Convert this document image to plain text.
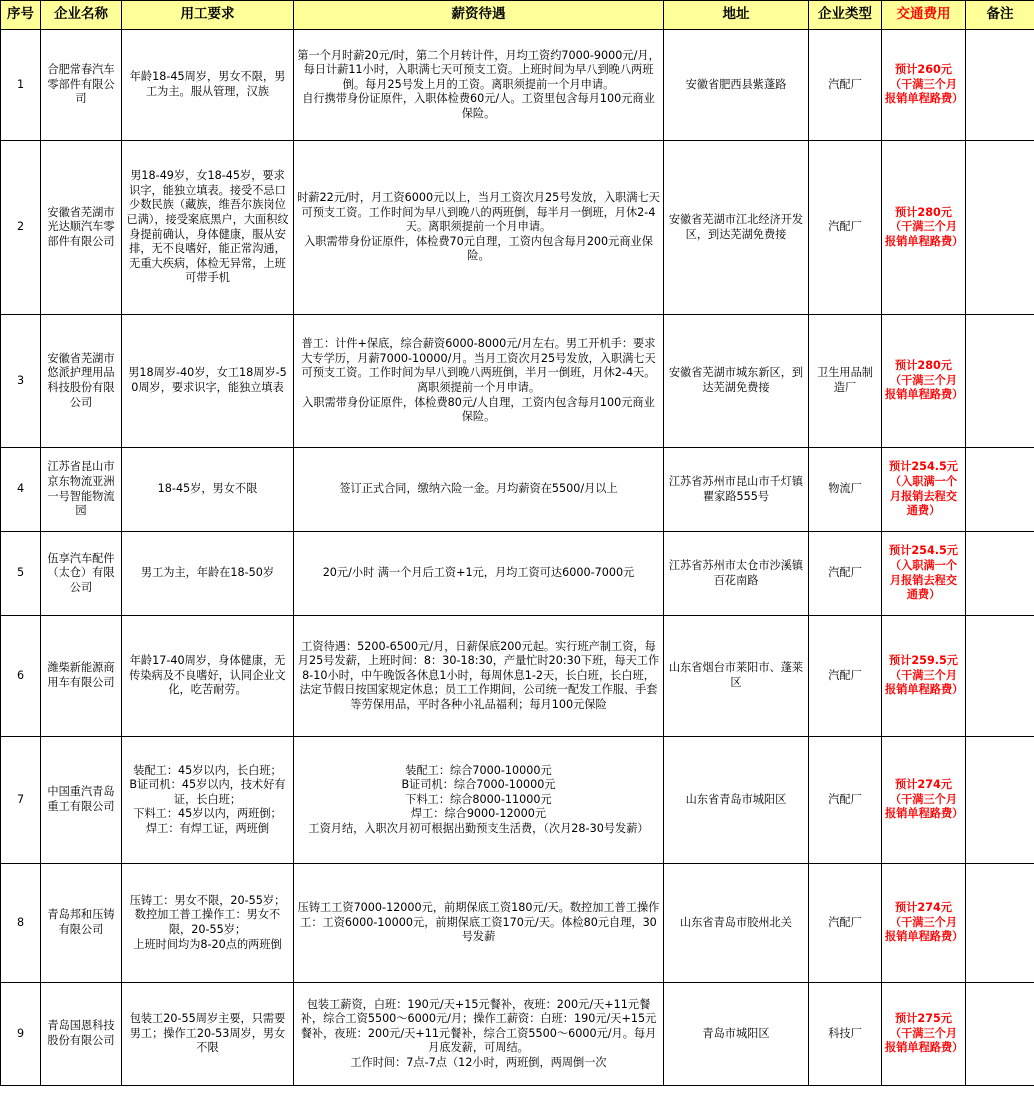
序号	企业名称	用工要求	薪资待遇	地址	企业类型	交通费用	备注
1	合肥常春汽车零部件有限公司	年龄18-45周岁，男女不限，男工为主。服从管理，汉族	第一个月时薪20元/时，第二个月转计件，月均工资约7000-9000元/月，每日计薪11小时，入职满七天可预支工资。上班时间为早八到晚八两班倒。每月25号发上月的工资。离职须提前一个月申请。
自行携带身份证原件，入职体检费60元/人。工资里包含每月100元商业保险。	安徽省肥西县紫蓬路	汽配厂	预计260元（干满三个月报销单程路费）	
2	安徽省芜湖市光达顺汽车零部件有限公司	男18-49岁，女18-45岁，要求识字，能独立填表。接受不忌口少数民族（藏族，维吾尔族岗位已满），接受案底黑户，大面积纹身提前确认，身体健康，服从安排，无不良嗜好，能正常沟通，无重大疾病，体检无异常，上班可带手机	时薪22元/时，月工资6000元以上，当月工资次月25号发放，入职满七天可预支工资。工作时间为早八到晚八的两班倒，每半月一倒班，月休2-4天。离职须提前一个月申请。
入职需带身份证原件，体检费70元自理，工资内包含每月200元商业保险。	安徽省芜湖市江北经济开发区，到达芜湖免费接	汽配厂	预计280元（干满三个月报销单程路费）	
3	安徽省芜湖市悠派护理用品科技股份有限公司	男18周岁-40岁，女工18周岁-50周岁，要求识字，能独立填表	普工：计件+保底，综合薪资6000-8000元/月左右。男工开机手：要求大专学历，月薪7000-10000/月。当月工资次月25号发放，入职满七天可预支工资。工作时间为早八到晚八两班倒，半月一倒班，月休2-4天。离职须提前一个月申请。
入职需带身份证原件，体检费80元/人自理，工资内包含每月100元商业保险。	安徽省芜湖市城东新区，到达芜湖免费接	卫生用品制造厂	预计280元（干满三个月报销单程路费）	
4	江苏省昆山市京东物流亚洲一号智能物流园	18-45岁，男女不限	签订正式合同，缴纳六险一金。月均薪资在5500/月以上	江苏省苏州市昆山市千灯镇瞿家路555号	物流厂	预计254.5元（入职满一个月报销去程交通费）	
5	伍享汽车配件（太仓）有限公司	男工为主，年龄在18-50岁	20元/小时 满一个月后工资+1元，月均工资可达6000-7000元	江苏省苏州市太仓市沙溪镇百花南路	汽配厂	预计254.5元（入职满一个月报销去程交通费）	
6	潍柴新能源商用车有限公司	年龄17-40周岁，身体健康，无传染病及不良嗜好，认同企业文化，吃苦耐劳。	工资待遇：5200-6500元/月，日薪保底200元起。实行班产制工资，每月25号发薪，上班时间：8：30-18:30，产量忙时20:30下班，每天工作8-10小时，中午晚饭各休息1小时，每周休息1-2天，长白班，长白班，法定节假日按国家规定休息；员工工作期间，公司统一配发工作服、手套等劳保用品，平时各种小礼品福利；每月100元保险	山东省烟台市莱阳市、蓬莱区	汽配厂	预计259.5元（干满三个月报销单程路费）	
7	中国重汽青岛重工有限公司	装配工：45岁以内，长白班；
B证司机：45岁以内，技术好有证，长白班；
下料工：45岁以内，两班倒；
焊工：有焊工证，两班倒	装配工：综合7000-10000元
B证司机：综合7000-10000元
下料工：综合8000-11000元
焊工：综合9000-12000元
工资月结，入职次月初可根据出勤预支生活费，（次月28-30号发薪）	山东省青岛市城阳区	汽配厂	预计274元（干满三个月报销单程路费）	
8	青岛邦和压铸有限公司	压铸工：男女不限，20-55岁；
数控加工普工操作工：男女不限，20-55岁；
上班时间均为8-20点的两班倒	压铸工工资7000-12000元，前期保底工资180元/天。数控加工普工操作工：工资6000-10000元，前期保底工资170元/天。体检80元自理，30号发薪	山东省青岛市胶州北关	汽配厂	预计274元（干满三个月报销单程路费）	
9	青岛国恩科技股份有限公司	包装工20-55周岁主要，只需要男工；操作工20-53周岁，男女不限	包装工薪资，白班：190元/天+15元餐补，夜班：200元/天+11元餐补，综合工资5500～6000元/月；操作工薪资：白班：190元/天+15元餐补，夜班：200元/天+11元餐补，综合工资5500～6000元/月。每月月底发薪，可周结。
工作时间：7点-7点（12小时，两班倒，两周倒一次	青岛市城阳区	科技厂	预计275元（干满三个月报销单程路费）	
